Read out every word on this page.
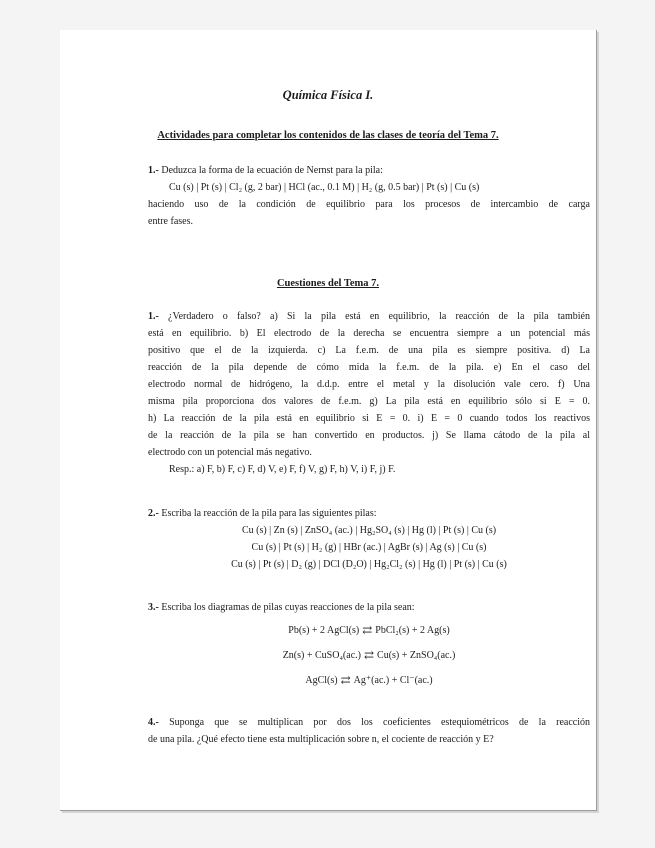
Química Física I.
Actividades para completar los contenidos de las clases de teoría del Tema 7.
1.- Deduzca la forma de la ecuación de Nernst para la pila:
Cu (s) | Pt (s) | Cl₂ (g, 2 bar) | HCl (ac., 0.1 M) | H₂ (g, 0.5 bar) | Pt (s) | Cu (s)
haciendo uso de la condición de equilibrio para los procesos de intercambio de carga
entre fases.
Cuestiones del Tema 7.
1.- ¿Verdadero o falso? a) Si la pila está en equilibrio, la reacción de la pila también
está en equilibrio. b) El electrodo de la derecha se encuentra siempre a un potencial más
positivo que el de la izquierda. c) La f.e.m. de una pila es siempre positiva. d) La
reacción de la pila depende de cómo mida la f.e.m. de la pila. e) En el caso del
electrodo normal de hidrógeno, la d.d.p. entre el metal y la disolución vale cero. f) Una
misma pila proporciona dos valores de f.e.m. g) La pila está en equilibrio sólo si E = 0.
h) La reacción de la pila está en equilibrio si E = 0. i) E = 0 cuando todos los reactivos
de la reacción de la pila se han convertido en productos. j) Se llama cátodo de la pila al
electrodo con un potencial más negativo.
Resp.: a) F, b) F, c) F, d) V, e) F, f) V, g) F, h) V, i) F, j) F.
2.- Escriba la reacción de la pila para las siguientes pilas:
Cu (s) | Zn (s) | ZnSO₄ (ac.) | Hg₂SO₄ (s) | Hg (l) | Pt (s) | Cu (s)
Cu (s) | Pt (s) | H₂ (g) | HBr (ac.) | AgBr (s) | Ag (s) | Cu (s)
Cu (s) | Pt (s) | D₂ (g) | DCl (D₂O) | Hg₂Cl₂ (s) | Hg (l) | Pt (s) | Cu (s)
3.- Escriba los diagramas de pilas cuyas reacciones de la pila sean:
Pb(s) + 2 AgCl(s) ⇄ PbCl₂(s) + 2 Ag(s)
Zn(s) + CuSO₄(ac.) ⇄ Cu(s) + ZnSO₄(ac.)
AgCl(s) ⇄ Ag⁺(ac.) + Cl⁻(ac.)
4.- Suponga que se multiplican por dos los coeficientes estequiométricos de la reacción
de una pila. ¿Qué efecto tiene esta multiplicación sobre n, el cociente de reacción y E?
